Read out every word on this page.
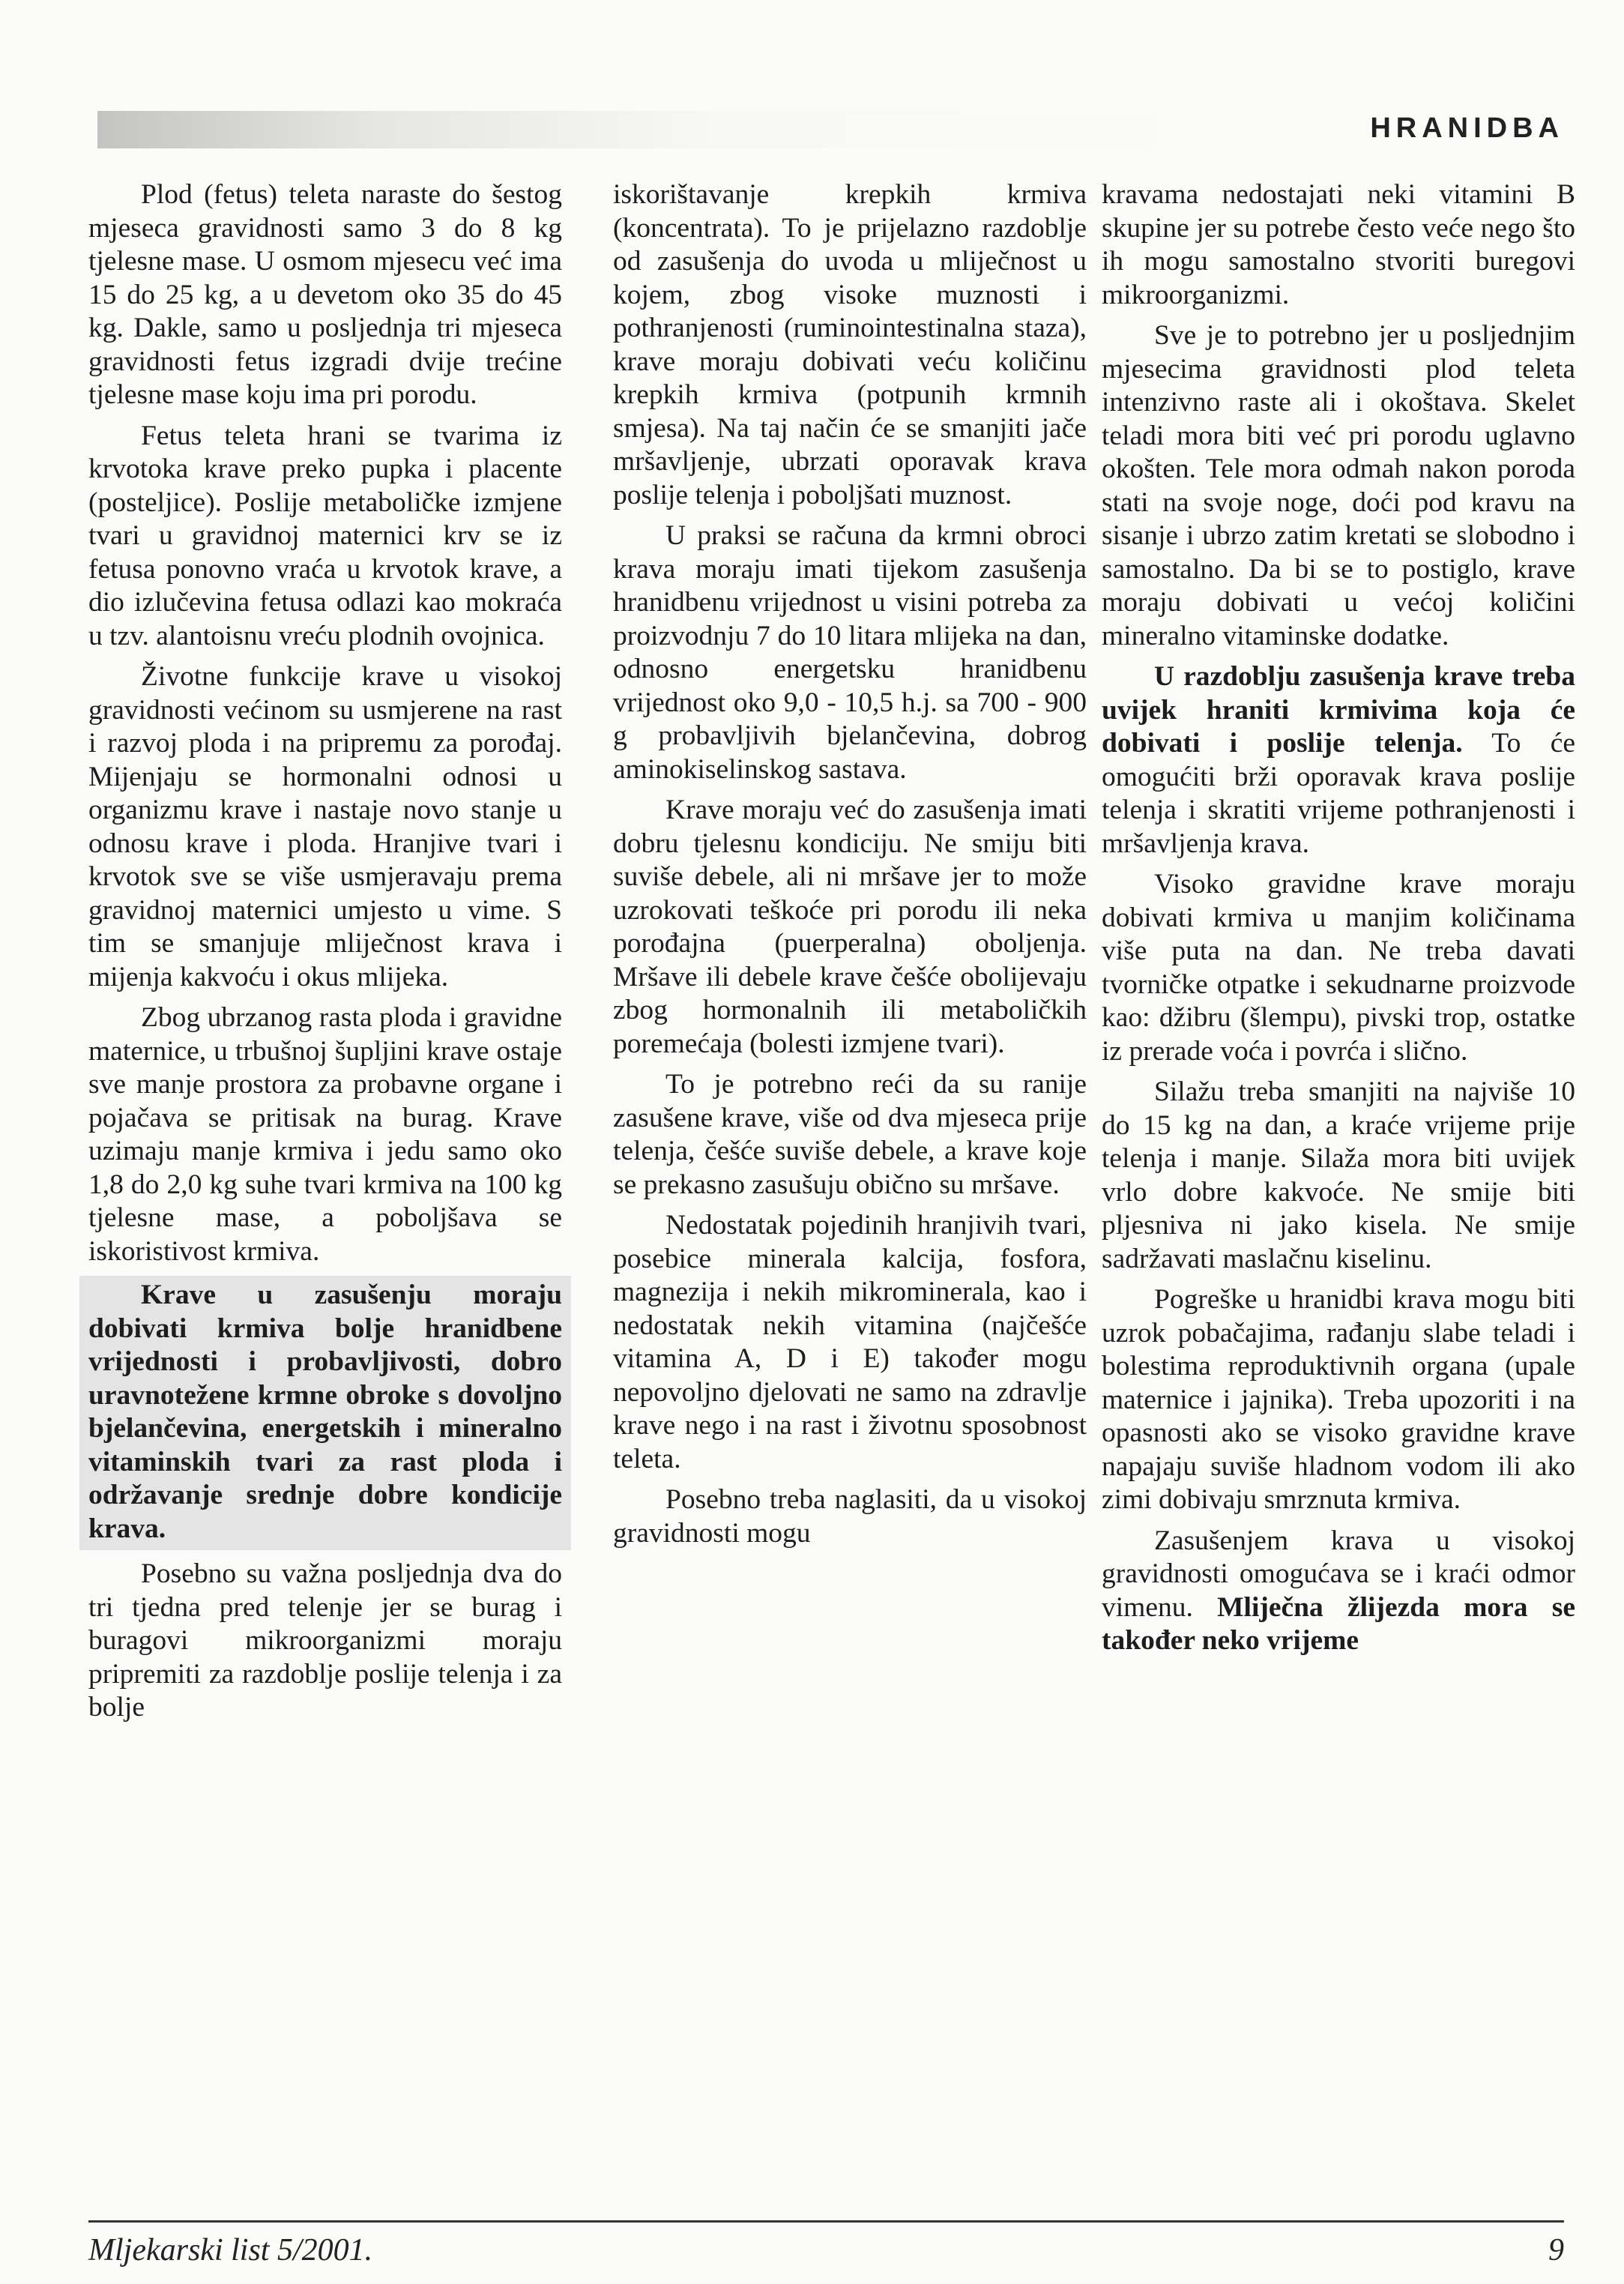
HRANIDBA

Plod (fetus) teleta naraste do šestog mjeseca gravidnosti samo 3 do 8 kg tjelesne mase. U osmom mjesecu već ima 15 do 25 kg, a u devetom oko 35 do 45 kg. Dakle, samo u posljednja tri mjeseca gravidnosti fetus izgradi dvije trećine tjelesne mase koju ima pri porodu.

Fetus teleta hrani se tvarima iz krvotoka krave preko pupka i placente (posteljice). Poslije metaboličke izmjene tvari u gravidnoj maternici krv se iz fetusa ponovno vraća u krvotok krave, a dio izlučevina fetusa odlazi kao mokraća u tzv. alantoisnu vreću plodnih ovojnica.

Životne funkcije krave u visokoj gravidnosti većinom su usmjerene na rast i razvoj ploda i na pripremu za porođaj. Mijenjaju se hormonalni odnosi u organizmu krave i nastaje novo stanje u odnosu krave i ploda. Hranjive tvari i krvotok sve se više usmjeravaju prema gravidnoj maternici umjesto u vime. S tim se smanjuje mliječnost krava i mijenja kakvoću i okus mlijeka.

Zbog ubrzanog rasta ploda i gravidne maternice, u trbušnoj šupljini krave ostaje sve manje prostora za probavne organe i pojačava se pritisak na burag. Krave uzimaju manje krmiva i jedu samo oko 1,8 do 2,0 kg suhe tvari krmiva na 100 kg tjelesne mase, a poboljšava se iskoristivost krmiva.

Krave u zasušenju moraju dobivati krmiva bolje hranidbene vrijednosti i probavljivosti, dobro uravnotežene krmne obroke s dovoljno bjelančevina, energetskih i mineralno vitaminskih tvari za rast ploda i održavanje srednje dobre kondicije krava.

Posebno su važna posljednja dva do tri tjedna pred telenje jer se burag i buragovi mikroorganizmi moraju pripremiti za razdoblje poslije telenja i za bolje

iskorištavanje krepkih krmiva (koncentrata). To je prijelazno razdoblje od zasušenja do uvoda u mliječnost u kojem, zbog visoke muznosti i pothranjenosti (ruminointestinalna staza), krave moraju dobivati veću količinu krepkih krmiva (potpunih krmnih smjesa). Na taj način će se smanjiti jače mršavljenje, ubrzati oporavak krava poslije telenja i poboljšati muznost.

U praksi se računa da krmni obroci krava moraju imati tijekom zasušenja hranidbenu vrijednost u visini potreba za proizvodnju 7 do 10 litara mlijeka na dan, odnosno energetsku hranidbenu vrijednost oko 9,0 - 10,5 h.j. sa 700 - 900 g probavljivih bjelančevina, dobrog aminokiselinskog sastava.

Krave moraju već do zasušenja imati dobru tjelesnu kondiciju. Ne smiju biti suviše debele, ali ni mršave jer to može uzrokovati teškoće pri porodu ili neka porođajna (puerperalna) oboljenja. Mršave ili debele krave češće obolijevaju zbog hormonalnih ili metaboličkih poremećaja (bolesti izmjene tvari).

To je potrebno reći da su ranije zasušene krave, više od dva mjeseca prije telenja, češće suviše debele, a krave koje se prekasno zasušuju obično su mršave.

Nedostatak pojedinih hranjivih tvari, posebice minerala kalcija, fosfora, magnezija i nekih mikrominerala, kao i nedostatak nekih vitamina (najčešće vitamina A, D i E) također mogu nepovoljno djelovati ne samo na zdravlje krave nego i na rast i životnu sposobnost teleta.

Posebno treba naglasiti, da u visokoj gravidnosti mogu

kravama nedostajati neki vitamini B skupine jer su potrebe često veće nego što ih mogu samostalno stvoriti buregovi mikroorganizmi.

Sve je to potrebno jer u posljednjim mjesecima gravidnosti plod teleta intenzivno raste ali i okoštava. Skelet teladi mora biti već pri porodu uglavno okošten. Tele mora odmah nakon poroda stati na svoje noge, doći pod kravu na sisanje i ubrzo zatim kretati se slobodno i samostalno. Da bi se to postiglo, krave moraju dobivati u većoj količini mineralno vitaminske dodatke.

U razdoblju zasušenja krave treba uvijek hraniti krmivima koja će dobivati i poslije telenja. To će omogućiti brži oporavak krava poslije telenja i skratiti vrijeme pothranjenosti i mršavljenja krava.

Visoko gravidne krave moraju dobivati krmiva u manjim količinama više puta na dan. Ne treba davati tvorničke otpatke i sekudnarne proizvode kao: džibru (šlempu), pivski trop, ostatke iz prerade voća i povrća i slično.

Silažu treba smanjiti na najviše 10 do 15 kg na dan, a kraće vrijeme prije telenja i manje. Silaža mora biti uvijek vrlo dobre kakvoće. Ne smije biti pljesniva ni jako kisela. Ne smije sadržavati maslačnu kiselinu.

Pogreške u hranidbi krava mogu biti uzrok pobačajima, rađanju slabe teladi i bolestima reproduktivnih organa (upale maternice i jajnika). Treba upozoriti i na opasnosti ako se visoko gravidne krave napajaju suviše hladnom vodom ili ako zimi dobivaju smrznuta krmiva.

Zasušenjem krava u visokoj gravidnosti omogućava se i kraći odmor vimenu. Mliječna žlijezda mora se također neko vrijeme

Mljekarski list 5/2001.	9
